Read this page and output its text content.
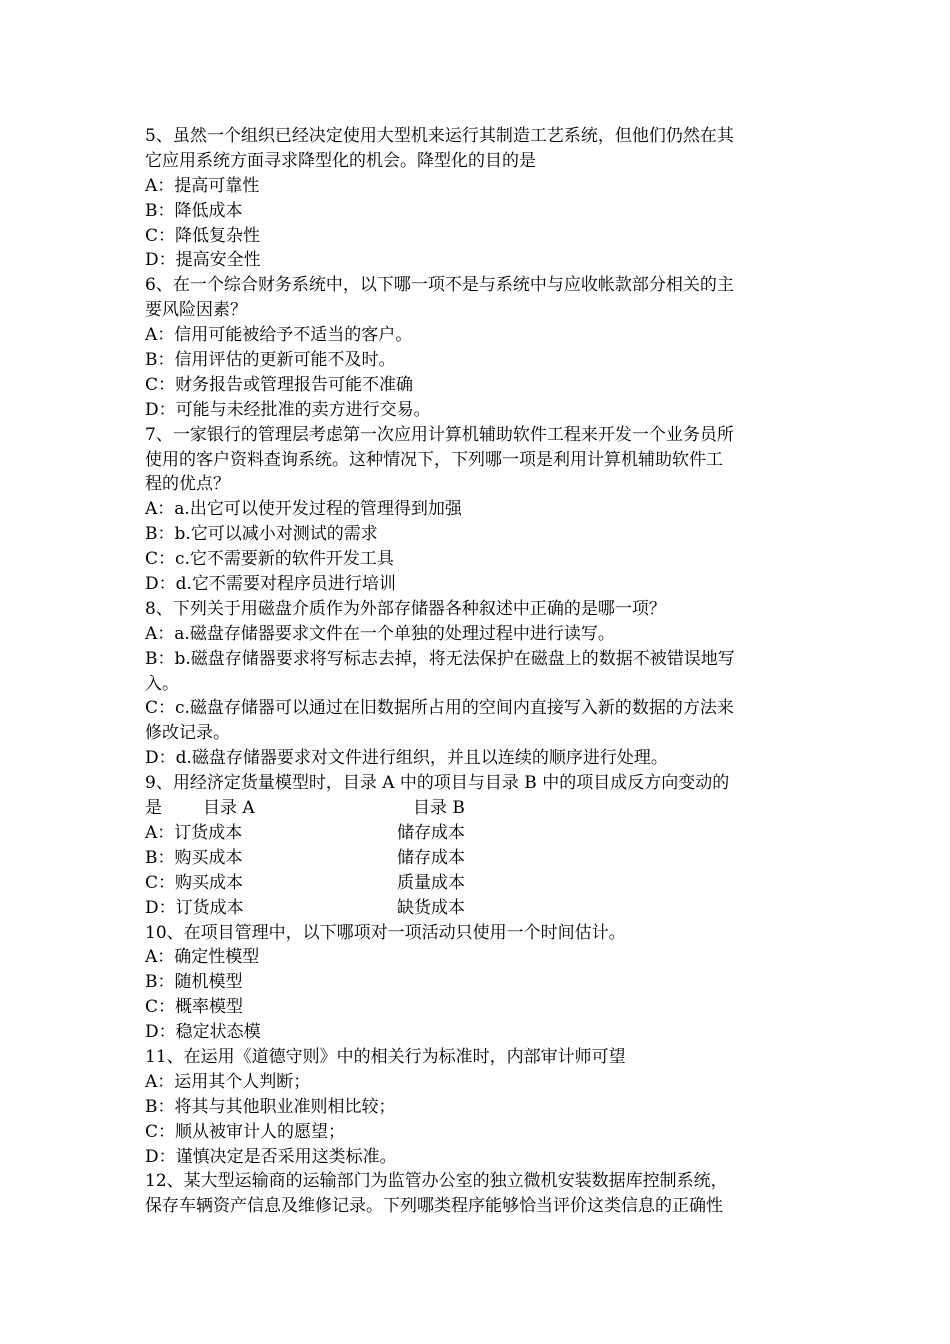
5、虽然一个组织已经决定使用大型机来运行其制造工艺系统，但他们仍然在其
它应用系统方面寻求降型化的机会。降型化的目的是
A：提高可靠性
B：降低成本
C：降低复杂性
D：提高安全性
6、在一个综合财务系统中，以下哪一项不是与系统中与应收帐款部分相关的主
要风险因素？
A：信用可能被给予不适当的客户。
B：信用评估的更新可能不及时。
C：财务报告或管理报告可能不准确
D：可能与未经批准的卖方进行交易。
7、一家银行的管理层考虑第一次应用计算机辅助软件工程来开发一个业务员所
使用的客户资料查询系统。这种情况下，下列哪一项是利用计算机辅助软件工
程的优点？
A：a.出它可以使开发过程的管理得到加强
B：b.它可以减小对测试的需求
C：c.它不需要新的软件开发工具
D：d.它不需要对程序员进行培训
8、下列关于用磁盘介质作为外部存储器各种叙述中正确的是哪一项？
A：a.磁盘存储器要求文件在一个单独的处理过程中进行读写。
B：b.磁盘存储器要求将写标志去掉，将无法保护在磁盘上的数据不被错误地写
入。
C：c.磁盘存储器可以通过在旧数据所占用的空间内直接写入新的数据的方法来
修改记录。
D：d.磁盘存储器要求对文件进行组织，并且以连续的顺序进行处理。
9、用经济定货量模型时，目录 A 中的项目与目录 B 中的项目成反方向变动的
是 目录 A	目录 B
A：订货成本	储存成本
B：购买成本	储存成本
C：购买成本	质量成本
D：订货成本	缺货成本
10、在项目管理中，以下哪项对一项活动只使用一个时间估计。
A：确定性模型
B：随机模型
C：概率模型
D：稳定状态模
11、在运用《道德守则》中的相关行为标准时，内部审计师可望
A：运用其个人判断；
B：将其与其他职业准则相比较；
C：顺从被审计人的愿望；
D：谨慎决定是否采用这类标准。
12、某大型运输商的运输部门为监管办公室的独立微机安装数据库控制系统，
保存车辆资产信息及维修记录。下列哪类程序能够恰当评价这类信息的正确性
